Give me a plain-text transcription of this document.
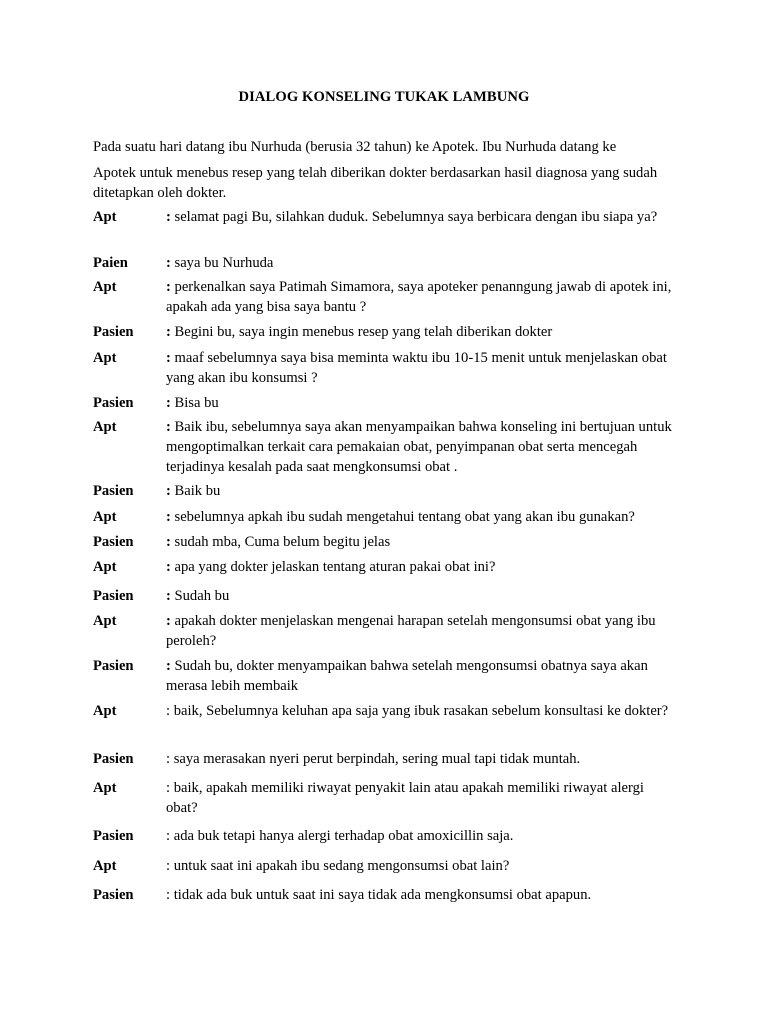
DIALOG KONSELING TUKAK LAMBUNG
Pada suatu hari datang ibu Nurhuda (berusia 32 tahun) ke Apotek. Ibu Nurhuda datang ke
Apotek untuk menebus resep yang telah diberikan dokter berdasarkan hasil diagnosa yang sudah ditetapkan oleh dokter.
Apt	: selamat pagi Bu, silahkan duduk. Sebelumnya saya berbicara dengan ibu siapa ya?
Paien	: saya bu Nurhuda
Apt	: perkenalkan saya Patimah Simamora, saya apoteker penanngung jawab di apotek ini, apakah ada yang bisa saya bantu ?
Pasien	: Begini bu, saya ingin menebus resep yang telah diberikan dokter
Apt	: maaf sebelumnya saya bisa meminta waktu ibu 10-15 menit untuk menjelaskan obat yang akan ibu konsumsi ?
Pasien	: Bisa bu
Apt	: Baik ibu, sebelumnya saya akan menyampaikan bahwa konseling ini bertujuan untuk mengoptimalkan terkait cara pemakaian obat, penyimpanan obat serta mencegah terjadinya kesalah pada saat mengkonsumsi obat .
Pasien	: Baik bu
Apt	: sebelumnya apkah ibu sudah mengetahui tentang obat yang akan ibu gunakan?
Pasien	: sudah mba, Cuma belum begitu jelas
Apt	: apa yang dokter jelaskan tentang aturan pakai obat ini?
Pasien	: Sudah bu
Apt	: apakah dokter menjelaskan mengenai harapan setelah mengonsumsi obat yang ibu peroleh?
Pasien	: Sudah bu, dokter menyampaikan bahwa setelah mengonsumsi obatnya saya akan merasa lebih membaik
Apt	: baik, Sebelumnya keluhan apa saja yang ibuk rasakan sebelum konsultasi ke dokter?
Pasien	: saya merasakan nyeri perut berpindah, sering mual tapi tidak muntah.
Apt	: baik, apakah memiliki riwayat penyakit lain atau apakah memiliki riwayat alergi obat?
Pasien	: ada buk tetapi hanya alergi terhadap obat amoxicillin saja.
Apt	: untuk saat ini apakah ibu sedang mengonsumsi obat lain?
Pasien	: tidak ada buk untuk saat ini saya tidak ada mengkonsumsi obat apapun.
